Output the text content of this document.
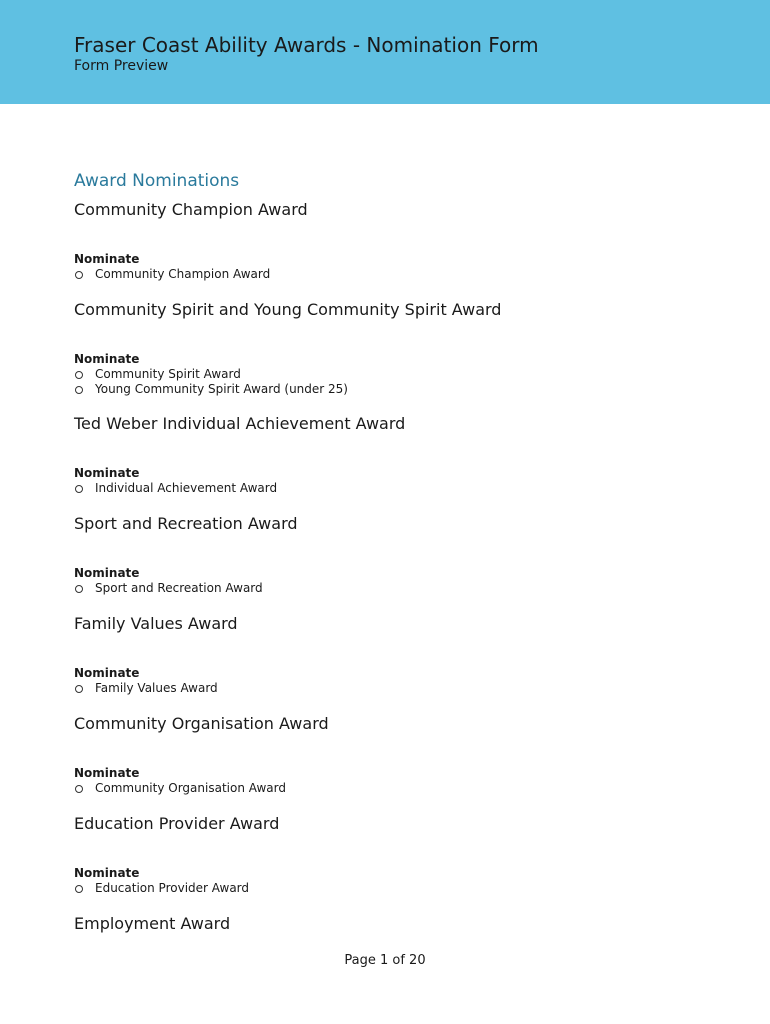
Fraser Coast Ability Awards - Nomination Form
Form Preview
Award Nominations
Community Champion Award
Nominate
Community Champion Award
Community Spirit and Young Community Spirit Award
Nominate
Community Spirit Award
Young Community Spirit Award (under 25)
Ted Weber Individual Achievement Award
Nominate
Individual Achievement Award
Sport and Recreation Award
Nominate
Sport and Recreation Award
Family Values Award
Nominate
Family Values Award
Community Organisation Award
Nominate
Community Organisation Award
Education Provider Award
Nominate
Education Provider Award
Employment Award
Page 1 of 20
